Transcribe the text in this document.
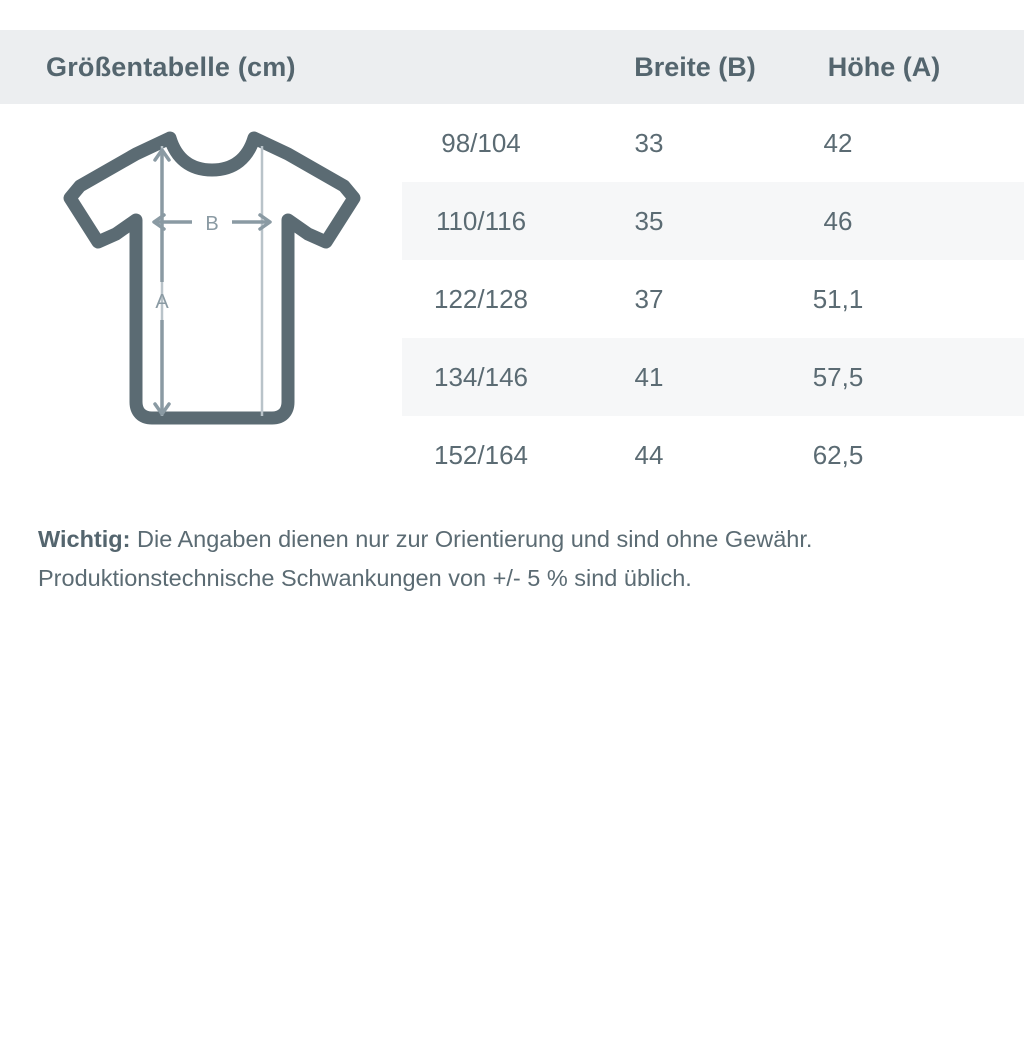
Größentabelle (cm)	Breite (B)	Höhe (A)
B
A
98/104	33	42
110/116	35	46
122/128	37	51,1
134/146	41	57,5
152/164	44	62,5
Wichtig: Die Angaben dienen nur zur Orientierung und sind ohne Gewähr.
Produktionstechnische Schwankungen von +/- 5 % sind üblich.
